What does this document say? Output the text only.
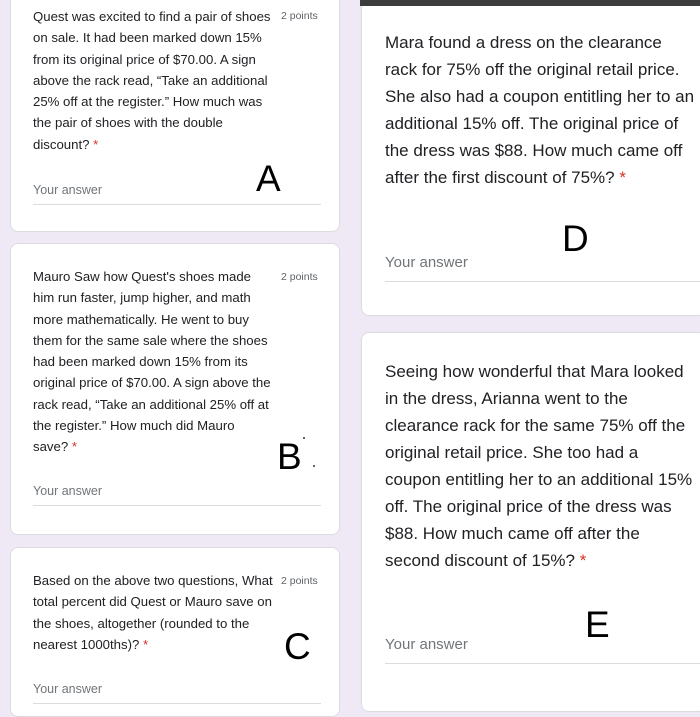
Quest was excited to find a pair of shoes on sale. It had been marked down 15% from its original price of $70.00. A sign above the rack read, “Take an additional 25% off at the register.” How much was the pair of shoes with the double discount? *

2 points
Your answer	A

Mauro Saw how Quest's shoes made him run faster, jump higher, and math more mathematically. He went to buy them for the same sale where the shoes had been marked down 15% from its original price of $70.00. A sign above the rack read, “Take an additional 25% off at the register.” How much did Mauro save? *

2 points
Your answer
B

Based on the above two questions, What total percent did Quest or Mauro save on the shoes, altogether (rounded to the nearest 1000ths)? *

2 points
Your answer
C

Mara found a dress on the clearance rack for 75% off the original retail price. She also had a coupon entitling her to an additional 15% off. The original price of the dress was $88. How much came off after the first discount of 75%? *

Your answer
D

Seeing how wonderful that Mara looked in the dress, Arianna went to the clearance rack for the same 75% off the original retail price. She too had a coupon entitling her to an additional 15% off. The original price of the dress was $88. How much came off after the second discount of 15%? *

Your answer	E
